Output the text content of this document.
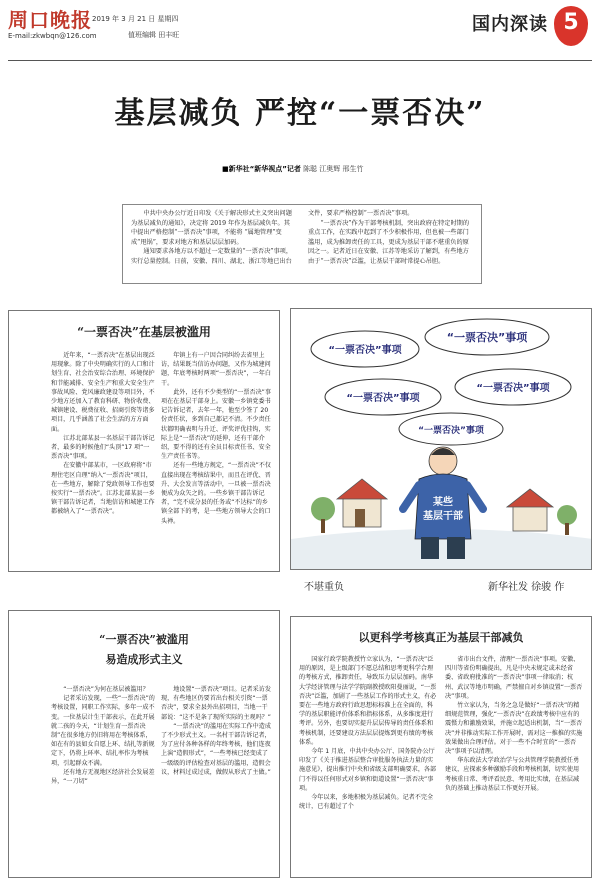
周口晚报
E-mail:zkwbqn@126.com
2019 年 3 月 21 日 星期四
值班编辑 田丰旺	国内深读 5
基层减负 严控“一票否决”
■新华社“新华视点”记者 陈聪 江奥辉 邢生竹

中共中央办公厅近日印发《关于解决形式主义突出问题为基层减负的通知》，决定将 2019 年作为基层减负年。其中提出严格控制“一票否决”事项，不能将 “属地管理”变成“甩锅”，要求对地方和基层层层加码。

通知要求各地方以不超过一定数量的“一票否决”事项，实行总量控制。日前，安徽、四川、湖北、浙江等地已出台文件，要求严格控制“一票否决”事项。

“一票否决”作为干部考核机制，突出政府在特定时期的重点工作，在实践中起到了不少积极作用，但也被一些部门滥用，成为推卸责任的工具，更成为基层干部不堪重负的原因之一。记者近日在安徽、江苏等地采访了解到，有些地方由于“一票否决”泛滥，让基层干部时常提心吊胆。

“一票否决”在基层被滥用

近年来，“一票否决”在基层出现泛用现象。除了中央明确实行的人口和计划生育、社会治安综合治理、环境保护和节能减排、安全生产和重大安全生产事故风险、党风廉政建设等项目外，不少地方还加入了教育科研、物价收费、城镇建设、税费征收、招商引资等诸多项目，几乎涵盖了社会生活的方方面面。

江苏北部某县一名基层干部告诉记者，最多的时候他们“头顶”17 项“一票否决”事项。

在安徽中部某市，一区政府将“市理住宅区自理”纳入“一票否决”项目，在一些地方，解除了党政领导工作也要按实行“一票否决”。江苏北部某县一乡镇干部告诉记者，当地信访和城建工作都被纳入了“一票否决”。

年镇上有一户因合同纠纷去省里上访，结果既当信访办问题，又作为城建问题，年底考核时两项“一票否决”，一年白干。

此外，还有不少类型的“一票否决”事项在在基层干部身上。安徽一乡镇党委书记告诉记者，去年一年，他至少签了 20 份责任状，多到自己都记不清。不少责任状都明确表明与升迁、评奖评优挂钩，实际上是“一票否决”的延伸，还有干部介绍，要不得的还有全员目标责任书、安全生产责任书等。

还有一些地方规定，“一票否决”不仅直接出现在考核结果中，而且在评优、晋升、大会发言等活动中，一旦被一票否决便成为众矢之的。一些乡镇干部告诉记者，“完不成分县的任务或“不达标”的乡镇全部下的考，是一些地方领导大会的口头禅。

“一票否决”事项
“一票否决”事项
“一票否决”事项
“一票否决”事项
“一票否决”事项
某些
基层干部
不堪重负	新华社发 徐骏 作
“一票否决”被滥用
易造成形式主义

“一票否决”为何在基层被滥用？

记者采访发现，一些“一票否决”的考核设置，同职工作实际，多年一成不变。一位基层计生干部表示，在此开展就二孩的今天，“计划生育一票否决制”在很多地方仍旧将用在考核体系，如在有的县如女自愿上环、结扎等新规定下，仍将上环率、结扎率作为考核项，引起群众不满。

还有地方无视地区经济社会发展差异，“一刀切”

地设置“一票否决”项目。记者采访发现，有些地区仍要首出台相关引资“一票否决”，要求全县外出招项目，当地一干部说：“这不是条了现所实际的主观吗？”

“一票否决”的滥用在实际工作中造成了不少形式主义。一名村干部告诉记者，为了应付各种各样的年终考核，他们连夜上演“造假形式”，“一些考核已经变成了一级级的评估检查对基层的滥用，造假会议，材料过成过成，做假从形式了主做。”

以更科学考核真正为基层干部减负

国家行政学院教授竹立家认为，“一票否决”泛用的原因，是上级部门不愿总结和思考更科学合理的考核方式，推卸责任，导致压力层层加码。南华大学经济管理与法学学院副教授欧阳曼丽说，“一票否决”泛滥，加剧了一些基层工作的形式主义，有必要在一些地方政府行政思想标标准上在全面的，科学的基层职能评价体系和指标体系，从多维度进行考评。另外，也要切实提升层层传导的责任体系和考核机制，还要建设方法层层提炼到更有绩的考核体系。

今年 1 月底，中共中央办公厅、国务院办公厅印发了《关于推进基层整合审批服务执法力量的实施意见》，提出推行中央和省级支部明确要求，各部门不得以任何形式对乡镇和街道设置“一票否决”事项。

今年以来，多地积极为基层减负。记者不完全统计，已有超过了个

省市出台文件，清理“一票否决”事项。安徽、四川等省份明确提出，凡是中央未规定或未经省委、省政府批准的“一票否决”事项一律取消；杭州、武汉等地市明确，严禁擅自对乡镇设置“一票否决”事项。

竹立家认为，当务之急是做好“一票否决”的精细规范管理，强化“一票否决”在政绩考核中应有的震慑力和激励效果，并施立起适出机制，当“一票否决”并非推动实际工作开展时，需对这一推推的实施效果做出合理评估。对于一些不合时宜的“一票否决”事项予以清理。

华东政法大学政治学与公共管理学院教授任勇建议，应探索多种激励手段和考核机制，切实使用考核重日常、考评看民意、考用比实绩，在基层减负的基础上推动基层工作更好开展。
